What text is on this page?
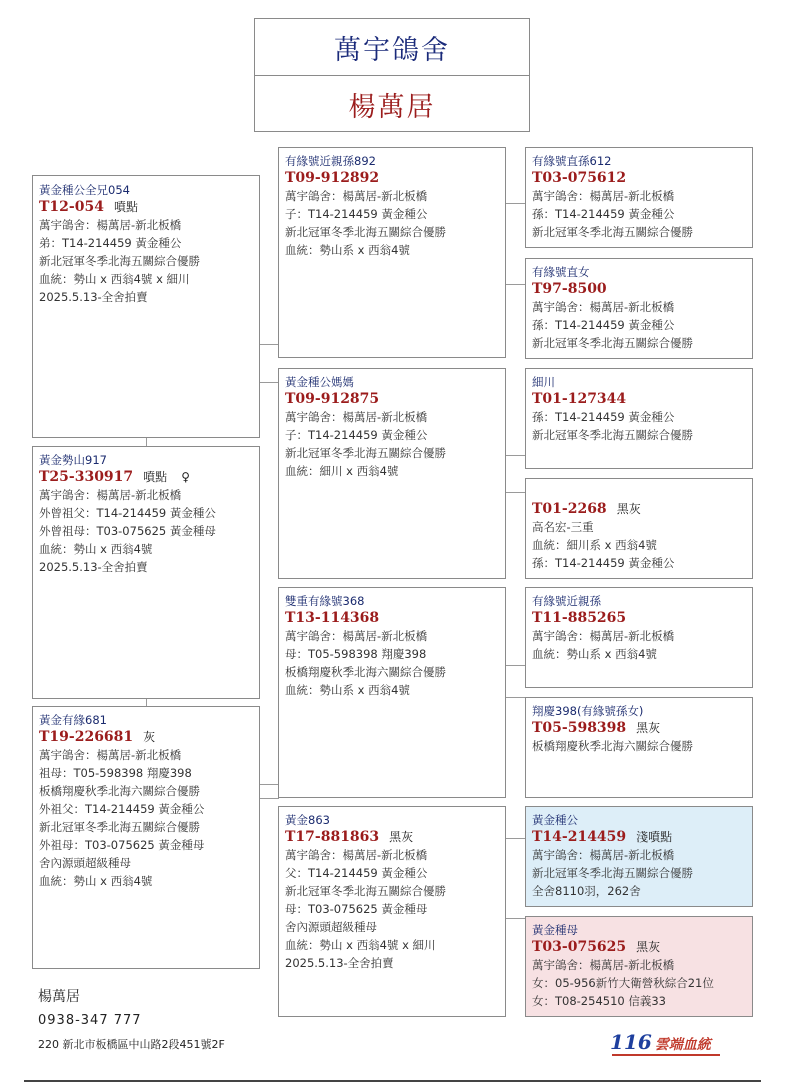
萬宇鴿舍
楊萬居
黃金種公全兄054
T12-054 噴點
萬宇鴿舍：楊萬居-新北板橋
弟：T14-214459 黃金種公
新北冠軍冬季北海五關綜合優勝
血統：勢山 x 西翁4號 x 細川
2025.5.13-全舍拍賣
黃金勢山917
T25-330917 噴點 ♀
萬宇鴿舍：楊萬居-新北板橋
外曾祖父：T14-214459 黃金種公
外曾祖母：T03-075625 黃金種母
血統：勢山 x 西翁4號
2025.5.13-全舍拍賣
黃金有緣681
T19-226681 灰
萬宇鴿舍：楊萬居-新北板橋
祖母：T05-598398 翔慶398
板橋翔慶秋季北海六關綜合優勝
外祖父：T14-214459 黃金種公
新北冠軍冬季北海五關綜合優勝
外祖母：T03-075625 黃金種母
舍內源頭超級種母
血統：勢山 x 西翁4號
有緣號近親孫892
T09-912892
萬宇鴿舍：楊萬居-新北板橋
子：T14-214459 黃金種公
新北冠軍冬季北海五關綜合優勝
血統：勢山系 x 西翁4號
黃金種公媽媽
T09-912875
萬宇鴿舍：楊萬居-新北板橋
子：T14-214459 黃金種公
新北冠軍冬季北海五關綜合優勝
血統：細川 x 西翁4號
雙重有緣號368
T13-114368
萬宇鴿舍：楊萬居-新北板橋
母：T05-598398 翔慶398
板橋翔慶秋季北海六關綜合優勝
血統：勢山系 x 西翁4號
黃金863
T17-881863 黑灰
萬宇鴿舍：楊萬居-新北板橋
父：T14-214459 黃金種公
新北冠軍冬季北海五關綜合優勝
母：T03-075625 黃金種母
舍內源頭超級種母
血統：勢山 x 西翁4號 x 細川
2025.5.13-全舍拍賣
有緣號直孫612
T03-075612
萬宇鴿舍：楊萬居-新北板橋
孫：T14-214459 黃金種公
新北冠軍冬季北海五關綜合優勝
有緣號直女
T97-8500
萬宇鴿舍：楊萬居-新北板橋
孫：T14-214459 黃金種公
新北冠軍冬季北海五關綜合優勝
細川
T01-127344
孫：T14-214459 黃金種公
新北冠軍冬季北海五關綜合優勝
T01-2268 黑灰
高名宏-三重
血統：細川系 x 西翁4號
孫：T14-214459 黃金種公
有緣號近親孫
T11-885265
萬宇鴿舍：楊萬居-新北板橋
血統：勢山系 x 西翁4號
翔慶398(有緣號孫女)
T05-598398 黑灰
板橋翔慶秋季北海六關綜合優勝
黃金種公
T14-214459 淺噴點
萬宇鴿舍：楊萬居-新北板橋
新北冠軍冬季北海五關綜合優勝
全舍8110羽，262舍
黃金種母
T03-075625 黑灰
萬宇鴿舍：楊萬居-新北板橋
女：05-956新竹大衛營秋綜合21位
女：T08-254510 信義33
楊萬居
0938-347 777
220 新北市板橋區中山路2段451號2F	116 雲端血統
